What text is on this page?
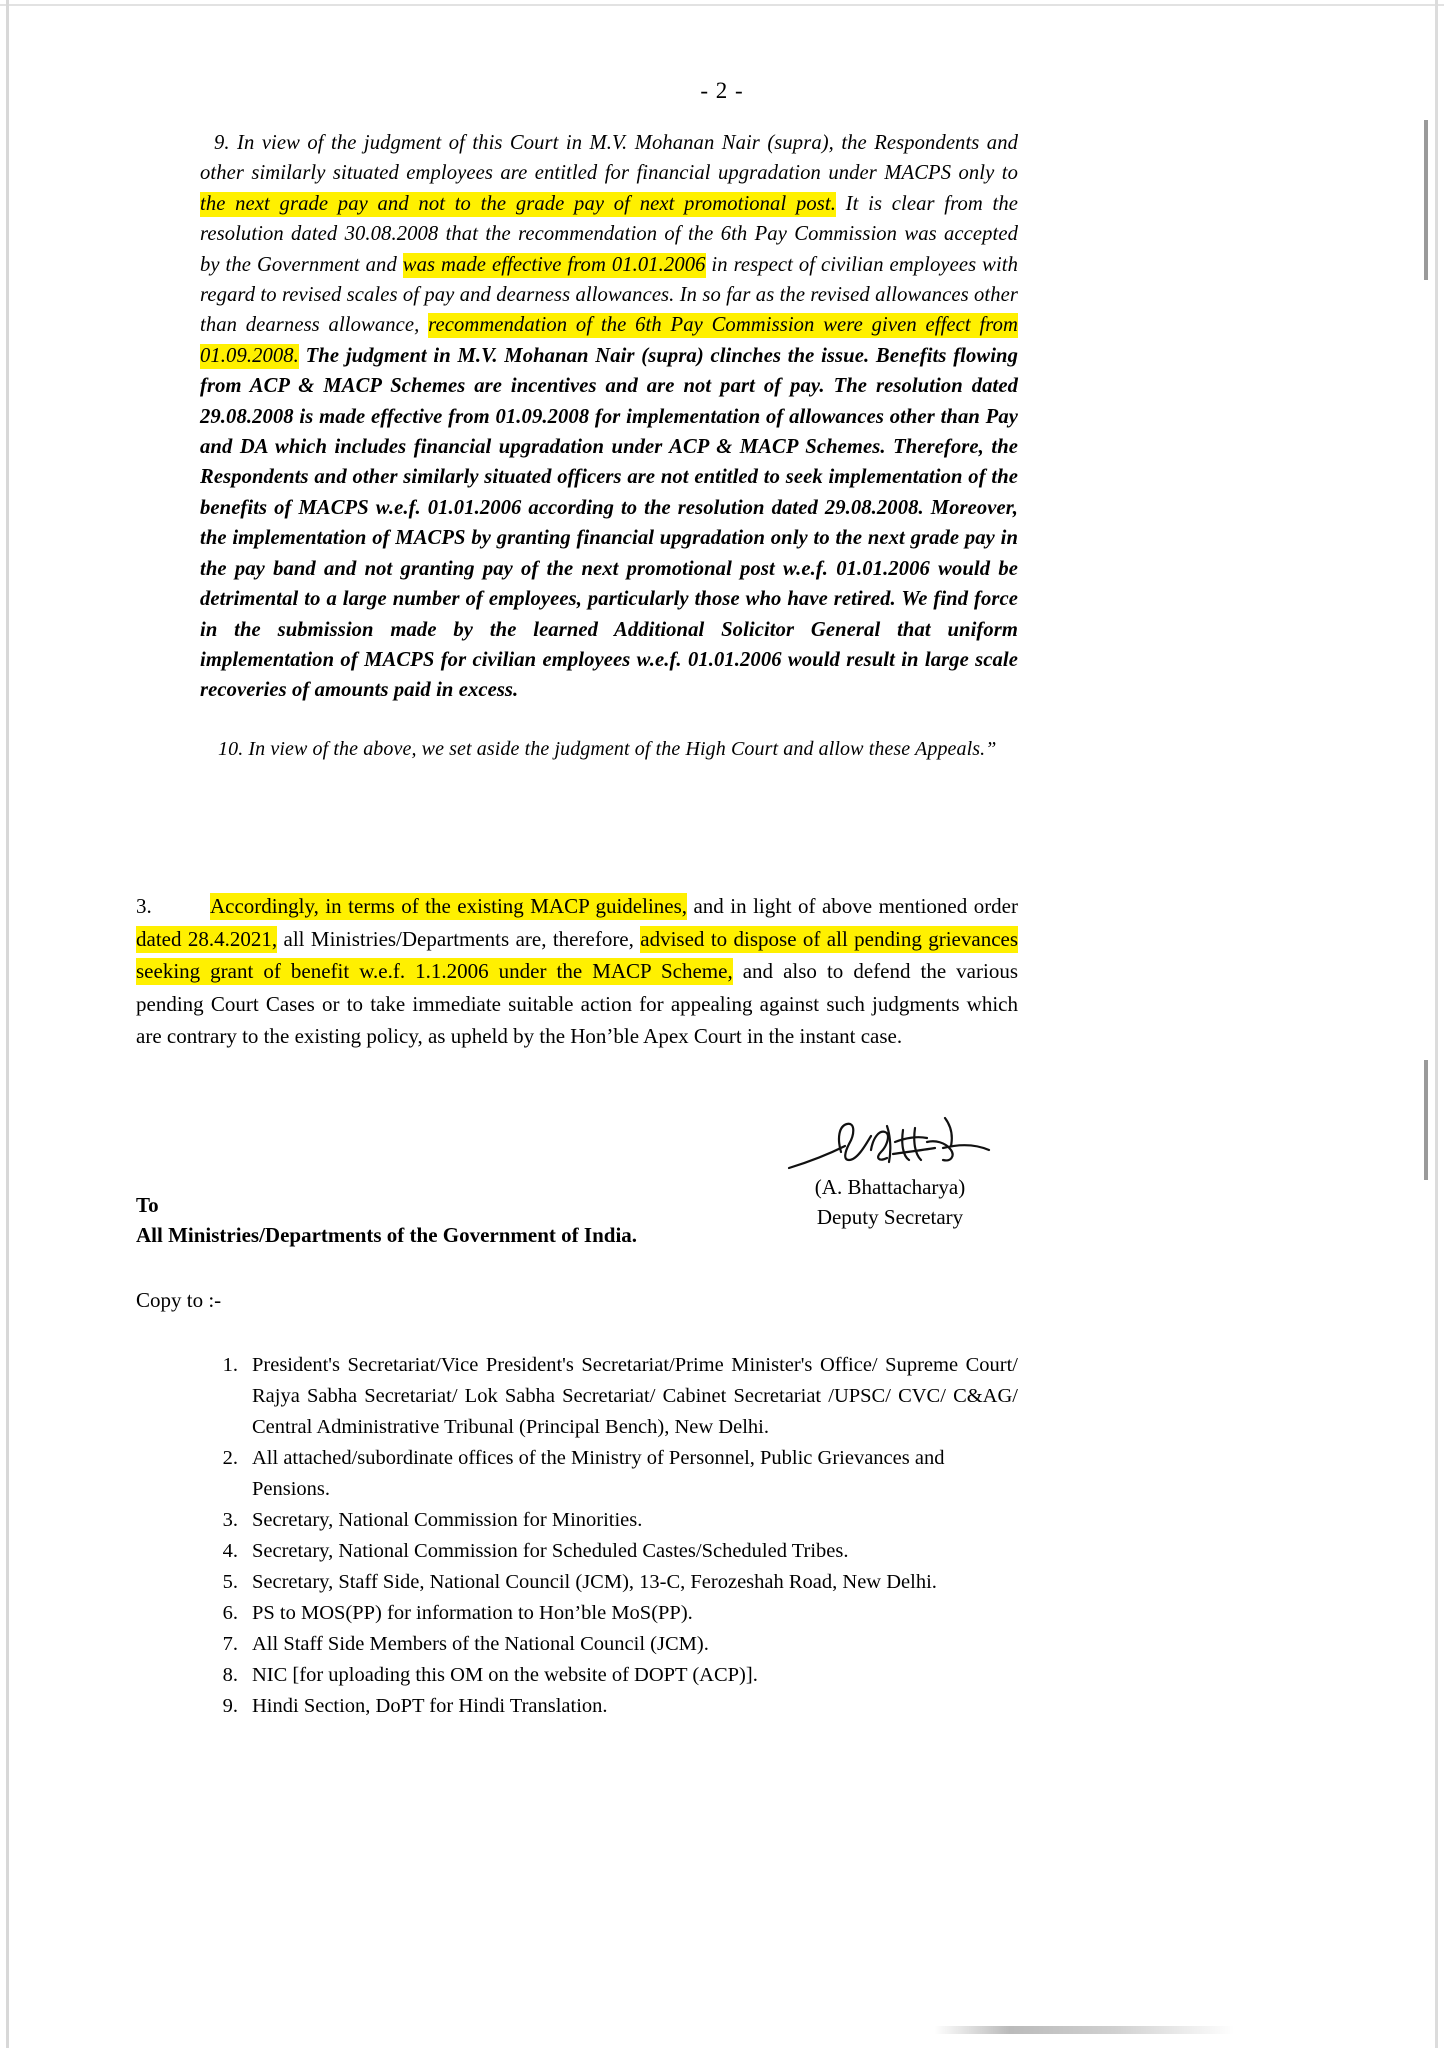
- 2 -

9. In view of the judgment of this Court in M.V. Mohanan Nair (supra), the Respondents and other similarly situated employees are entitled for financial upgradation under MACPS only to the next grade pay and not to the grade pay of next promotional post. It is clear from the resolution dated 30.08.2008 that the recommendation of the 6th Pay Commission was accepted by the Government and was made effective from 01.01.2006 in respect of civilian employees with regard to revised scales of pay and dearness allowances. In so far as the revised allowances other than dearness allowance, recommendation of the 6th Pay Commission were given effect from 01.09.2008. The judgment in M.V. Mohanan Nair (supra) clinches the issue. Benefits flowing from ACP & MACP Schemes are incentives and are not part of pay. The resolution dated 29.08.2008 is made effective from 01.09.2008 for implementation of allowances other than Pay and DA which includes financial upgradation under ACP & MACP Schemes. Therefore, the Respondents and other similarly situated officers are not entitled to seek implementation of the benefits of MACPS w.e.f. 01.01.2006 according to the resolution dated 29.08.2008. Moreover, the implementation of MACPS by granting financial upgradation only to the next grade pay in the pay band and not granting pay of the next promotional post w.e.f. 01.01.2006 would be detrimental to a large number of employees, particularly those who have retired. We find force in the submission made by the learned Additional Solicitor General that uniform implementation of MACPS for civilian employees w.e.f. 01.01.2006 would result in large scale recoveries of amounts paid in excess.

10. In view of the above, we set aside the judgment of the High Court and allow these Appeals.”

3.	Accordingly, in terms of the existing MACP guidelines, and in light of above mentioned order dated 28.4.2021, all Ministries/Departments are, therefore, advised to dispose of all pending grievances seeking grant of benefit w.e.f. 1.1.2006 under the MACP Scheme, and also to defend the various pending Court Cases or to take immediate suitable action for appealing against such judgments which are contrary to the existing policy, as upheld by the Hon’ble Apex Court in the instant case.

(A. Bhattacharya)
Deputy Secretary
To
All Ministries/Departments of the Government of India.
Copy to :-
1. President's Secretariat/Vice President's Secretariat/Prime Minister's Office/ Supreme Court/ Rajya Sabha Secretariat/ Lok Sabha Secretariat/ Cabinet Secretariat /UPSC/ CVC/ C&AG/ Central Administrative Tribunal (Principal Bench), New Delhi.
2. All attached/subordinate offices of the Ministry of Personnel, Public Grievances and Pensions.
3. Secretary, National Commission for Minorities.
4. Secretary, National Commission for Scheduled Castes/Scheduled Tribes.
5. Secretary, Staff Side, National Council (JCM), 13-C, Ferozeshah Road, New Delhi.
6. PS to MOS(PP) for information to Hon’ble MoS(PP).
7. All Staff Side Members of the National Council (JCM).
8. NIC [for uploading this OM on the website of DOPT (ACP)].
9. Hindi Section, DoPT for Hindi Translation.
